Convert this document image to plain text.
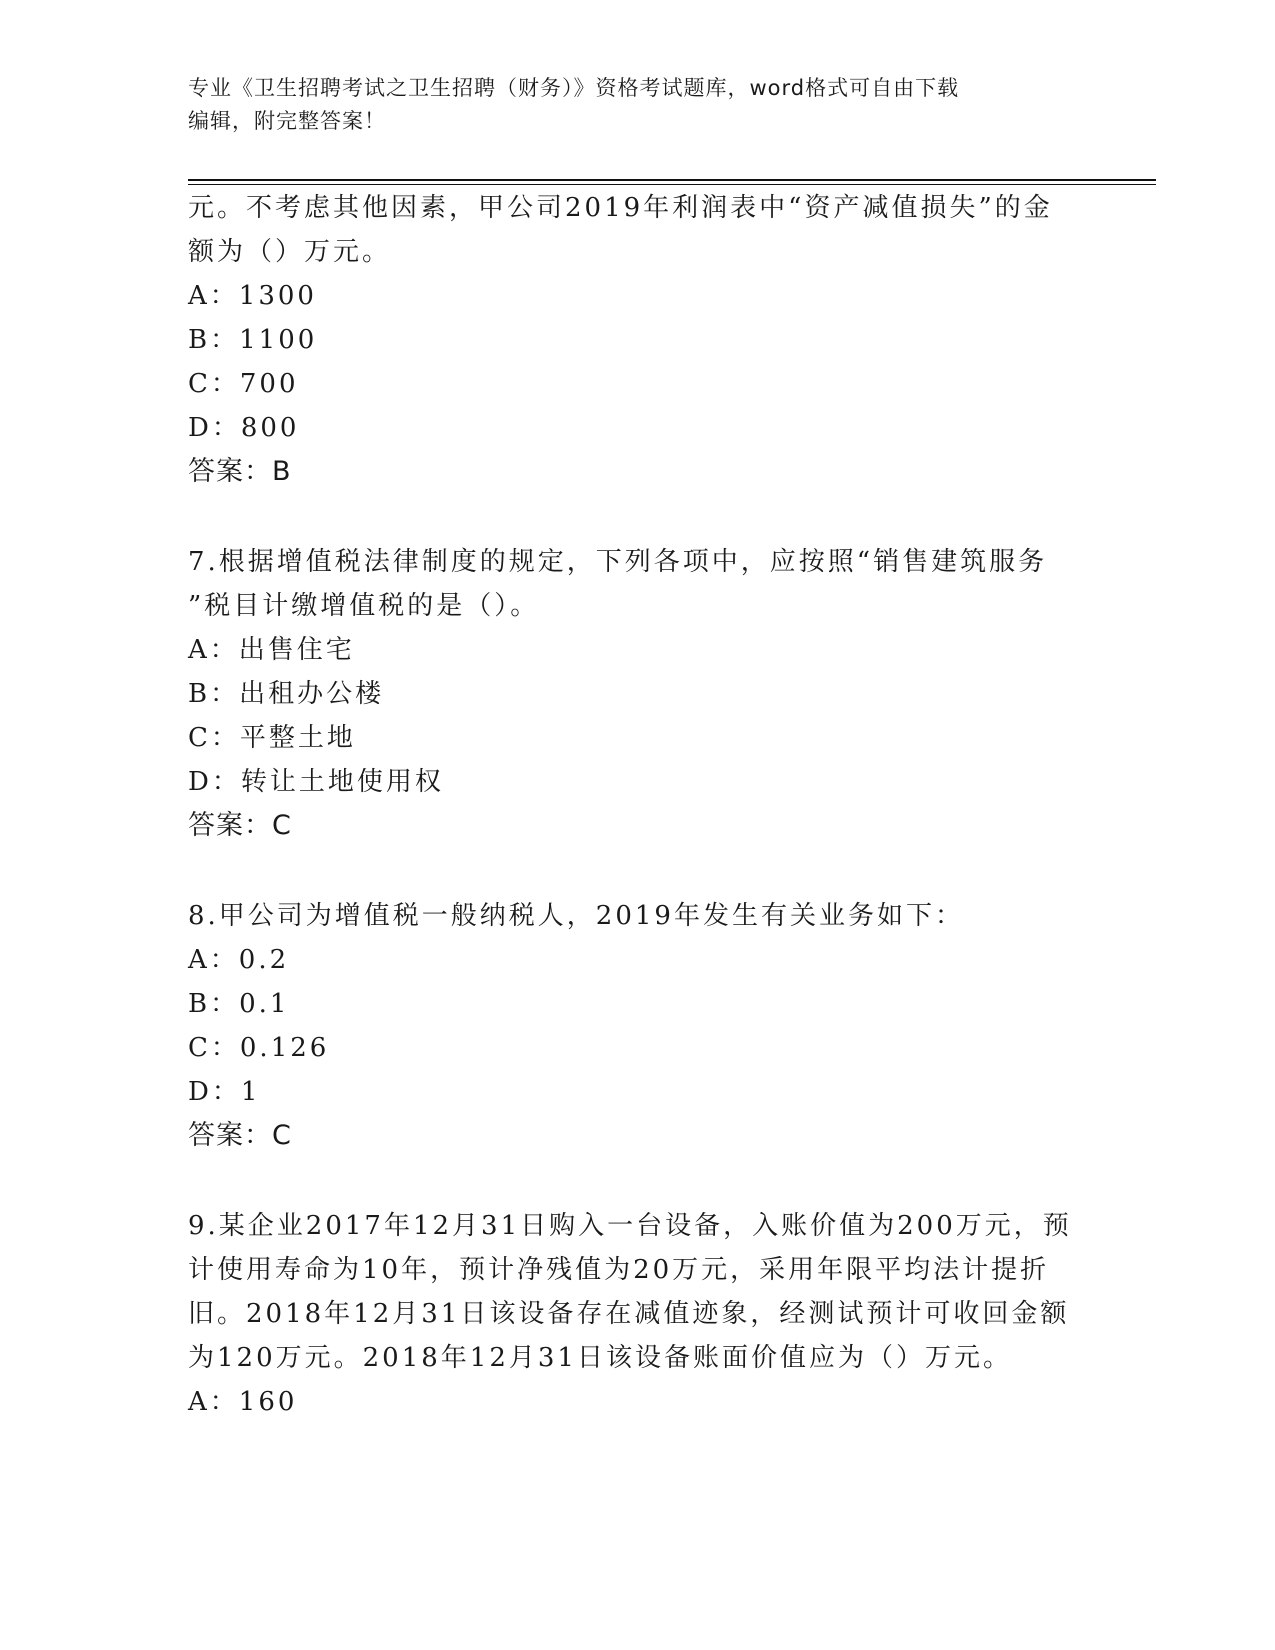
专业《卫生招聘考试之卫生招聘（财务）》资格考试题库，word格式可自由下载
编辑，附完整答案！
元。不考虑其他因素，甲公司2019年利润表中“资产减值损失”的金
额为（）万元。
A：1300
B：1100
C：700
D：800
答案：B
7.根据增值税法律制度的规定，下列各项中，应按照“销售建筑服务
”税目计缴增值税的是（）。
A：出售住宅
B：出租办公楼
C：平整土地
D：转让土地使用权
答案：C
8.甲公司为增值税一般纳税人，2019年发生有关业务如下：
A：0.2
B：0.1
C：0.126
D：1
答案：C
9.某企业2017年12月31日购入一台设备，入账价值为200万元，预
计使用寿命为10年，预计净残值为20万元，采用年限平均法计提折
旧。2018年12月31日该设备存在减值迹象，经测试预计可收回金额
为120万元。2018年12月31日该设备账面价值应为（）万元。
A：160
